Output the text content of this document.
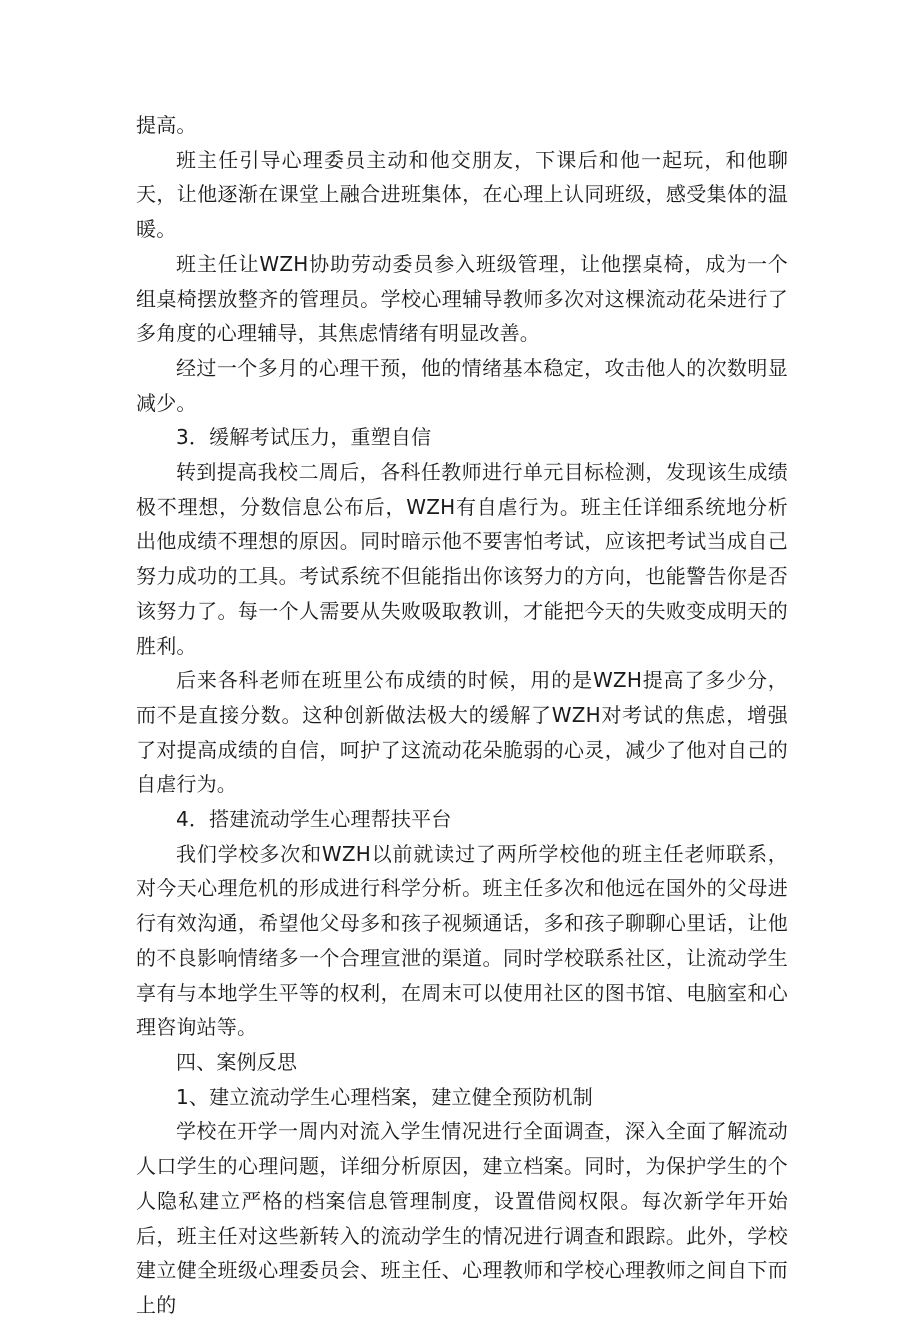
提高。

班主任引导心理委员主动和他交朋友，下课后和他一起玩，和他聊天，让他逐渐在课堂上融合进班集体，在心理上认同班级，感受集体的温暖。

班主任让WZH协助劳动委员参入班级管理，让他摆桌椅，成为一个组桌椅摆放整齐的管理员。学校心理辅导教师多次对这棵流动花朵进行了多角度的心理辅导，其焦虑情绪有明显改善。

经过一个多月的心理干预，他的情绪基本稳定，攻击他人的次数明显减少。

3．缓解考试压力，重塑自信

转到提高我校二周后，各科任教师进行单元目标检测，发现该生成绩极不理想，分数信息公布后，WZH有自虐行为。班主任详细系统地分析出他成绩不理想的原因。同时暗示他不要害怕考试，应该把考试当成自己努力成功的工具。考试系统不但能指出你该努力的方向，也能警告你是否该努力了。每一个人需要从失败吸取教训，才能把今天的失败变成明天的胜利。

后来各科老师在班里公布成绩的时候，用的是WZH提高了多少分，而不是直接分数。这种创新做法极大的缓解了WZH对考试的焦虑，增强了对提高成绩的自信，呵护了这流动花朵脆弱的心灵，减少了他对自己的自虐行为。

4．搭建流动学生心理帮扶平台

我们学校多次和WZH以前就读过了两所学校他的班主任老师联系，对今天心理危机的形成进行科学分析。班主任多次和他远在国外的父母进行有效沟通，希望他父母多和孩子视频通话，多和孩子聊聊心里话，让他的不良影响情绪多一个合理宣泄的渠道。同时学校联系社区，让流动学生享有与本地学生平等的权利，在周末可以使用社区的图书馆、电脑室和心理咨询站等。

四、案例反思

1、建立流动学生心理档案，建立健全预防机制

学校在开学一周内对流入学生情况进行全面调查，深入全面了解流动人口学生的心理问题，详细分析原因，建立档案。同时，为保护学生的个人隐私建立严格的档案信息管理制度，设置借阅权限。每次新学年开始后，班主任对这些新转入的流动学生的情况进行调查和跟踪。此外，学校建立健全班级心理委员会、班主任、心理教师和学校心理教师之间自下而上的
